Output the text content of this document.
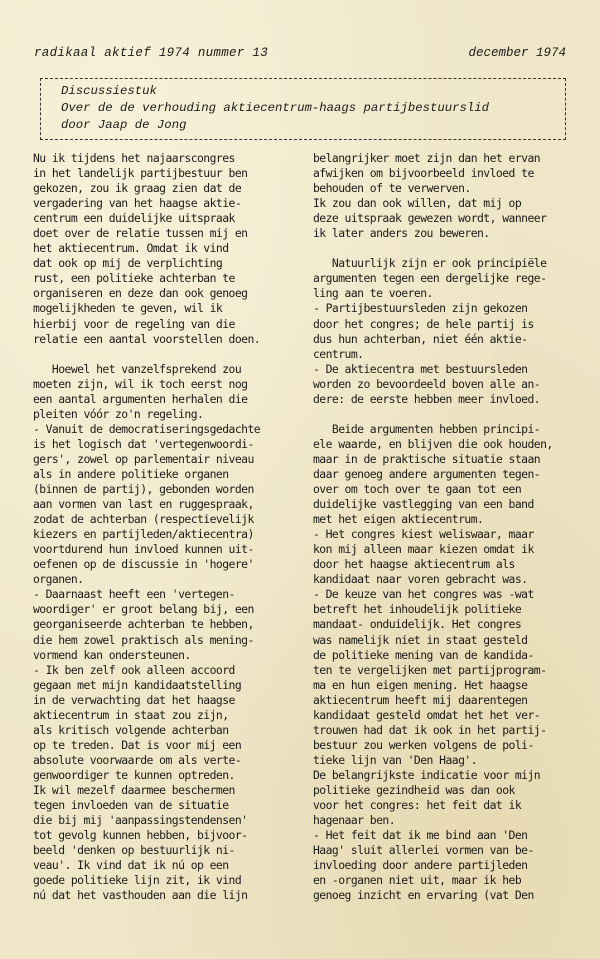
radikaal aktief 1974 nummer 13	december 1974
Discussiestuk
Over de de verhouding aktiecentrum-haags partijbestuurslid
door Jaap de Jong
Nu ik tijdens het najaarscongres
in het landelijk partijbestuur ben
gekozen, zou ik graag zien dat de
vergadering van het haagse aktie-
centrum een duidelijke uitspraak
doet over de relatie tussen mij en
het aktiecentrum. Omdat ik vind
dat ook op mij de verplichting
rust, een politieke achterban te
organiseren en deze dan ook genoeg
mogelijkheden te geven, wil ik
hierbij voor de regeling van die
relatie een aantal voorstellen doen.
Hoewel het vanzelfsprekend zou
moeten zijn, wil ik toch eerst nog
een aantal argumenten herhalen die
pleiten vóór zo'n regeling.
- Vanuit de democratiseringsgedachte
is het logisch dat 'vertegenwoordi-
gers', zowel op parlementair niveau
als in andere politieke organen
(binnen de partij), gebonden worden
aan vormen van last en ruggespraak,
zodat de achterban (respectievelijk
kiezers en partijleden/aktiecentra)
voortdurend hun invloed kunnen uit-
oefenen op de discussie in 'hogere'
organen.
- Daarnaast heeft een 'vertegen-
woordiger' er groot belang bij, een
georganiseerde achterban te hebben,
die hem zowel praktisch als mening-
vormend kan ondersteunen.
- Ik ben zelf ook alleen accoord
gegaan met mijn kandidaatstelling
in de verwachting dat het haagse
aktiecentrum in staat zou zijn,
als kritisch volgende achterban
op te treden. Dat is voor mij een
absolute voorwaarde om als verte-
genwoordiger te kunnen optreden.
Ik wil mezelf daarmee beschermen
tegen invloeden van de situatie
die bij mij 'aanpassingstendensen'
tot gevolg kunnen hebben, bijvoor-
beeld 'denken op bestuurlijk ni-
veau'. Ik vind dat ik nú op een
goede politieke lijn zit, ik vind
nú dat het vasthouden aan die lijn
belangrijker moet zijn dan het ervan
afwijken om bijvoorbeeld invloed te
behouden of te verwerven.
Ik zou dan ook willen, dat mij op
deze uitspraak gewezen wordt, wanneer
ik later anders zou beweren.
Natuurlijk zijn er ook principiële
argumenten tegen een dergelijke rege-
ling aan te voeren.
- Partijbestuursleden zijn gekozen
door het congres; de hele partij is
dus hun achterban, niet één aktie-
centrum.
- De aktiecentra met bestuursleden
worden zo bevoordeeld boven alle an-
dere: de eerste hebben meer invloed.
Beide argumenten hebben principi-
ele waarde, en blijven die ook houden,
maar in de praktische situatie staan
daar genoeg andere argumenten tegen-
over om toch over te gaan tot een
duidelijke vastlegging van een band
met het eigen aktiecentrum.
- Het congres kiest weliswaar, maar
kon mij alleen maar kiezen omdat ik
door het haagse aktiecentrum als
kandidaat naar voren gebracht was.
- De keuze van het congres was -wat
betreft het inhoudelijk politieke
mandaat- onduidelijk. Het congres
was namelijk niet in staat gesteld
de politieke mening van de kandida-
ten te vergelijken met partijprogram-
ma en hun eigen mening. Het haagse
aktiecentrum heeft mij daarentegen
kandidaat gesteld omdat het het ver-
trouwen had dat ik ook in het partij-
bestuur zou werken volgens de poli-
tieke lijn van 'Den Haag'.
De belangrijkste indicatie voor mijn
politieke gezindheid was dan ook
voor het congres: het feit dat ik
hagenaar ben.
- Het feit dat ik me bind aan 'Den
Haag' sluit allerlei vormen van be-
invloeding door andere partijleden
en -organen niet uit, maar ik heb
genoeg inzicht en ervaring (vat Den
